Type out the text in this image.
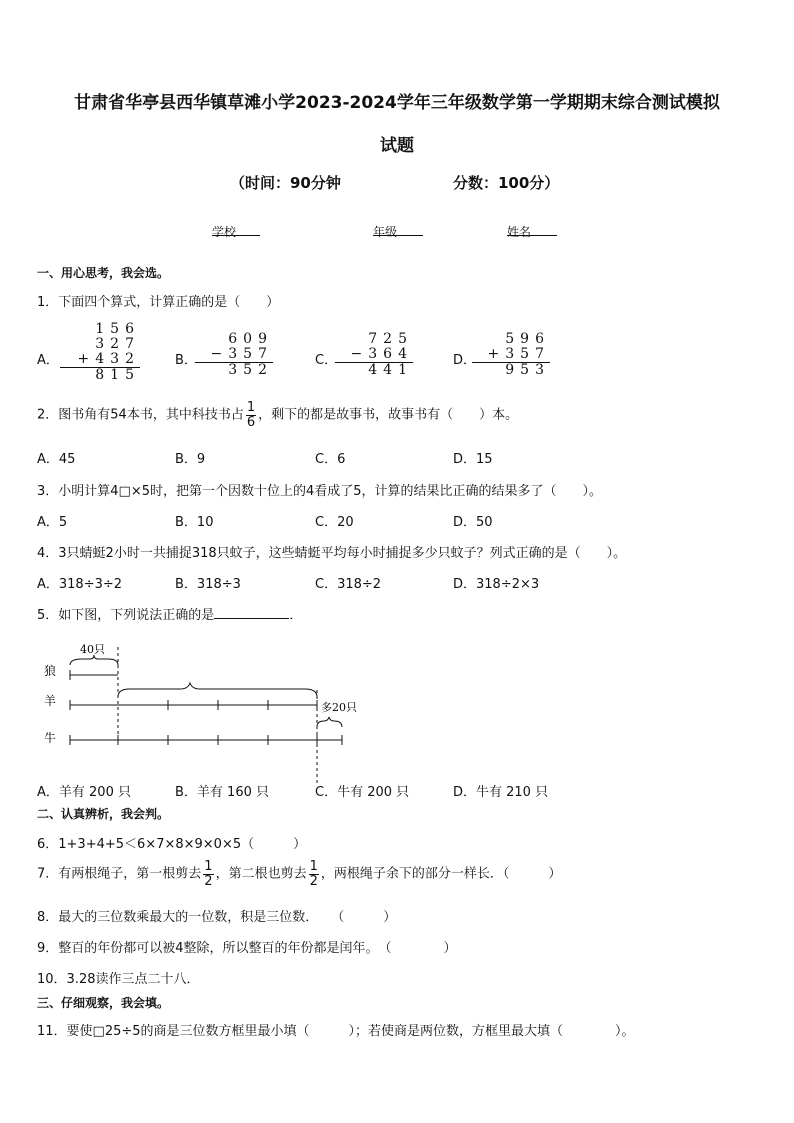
甘肃省华亭县西华镇草滩小学2023-2024学年三年级数学第一学期期末综合测试模拟
试题
（时间：90分钟	分数：100分）
学校	年级	姓名
一、用心思考，我会选。
1．下面四个算式，计算正确的是（　　）
A．
156
327
+432
815
B．
609
−357
352
C．
725
−364
441
D．
596
+357
953
2．图书角有54本书，其中科技书占 $\frac{1}{6}$ ，剩下的都是故事书，故事书有（　　）本。
A．45	B．9	C．6	D．15
3．小明计算4□×5时，把第一个因数十位上的4看成了5，计算的结果比正确的结果多了（　　）。
A．5	B．10	C．20	D．50
4．3只蜻蜓2小时一共捕捉318只蚊子，这些蜻蜓平均每小时捕捉多少只蚊子？列式正确的是（　　）。
A．318÷3÷2	B．318÷3	C．318÷2	D．318÷2×3
5．如下图，下列说法正确的是	．
狼
羊
牛
40只
多20只
A．羊有 200 只	B．羊有 160 只	C．牛有 200 只	D．牛有 210 只
二、认真辨析，我会判。
6．1+3+4+5＜6×7×8×9×0×5（　　　）
7．有两根绳子，第一根剪去 $\frac{1}{2}$ ，第二根也剪去 $\frac{1}{2}$ ，两根绳子余下的部分一样长．（　　　）
8．最大的三位数乘最大的一位数，积是三位数．　　（　　　）
9．整百的年份都可以被4整除，所以整百的年份都是闰年。　（　　　　）
10．3.28读作三点二十八．　　　
三、仔细观察，我会填。
11．要使□25÷5的商是三位数方框里最小填（　　　）；若使商是两位数，方框里最大填（　　　　）。
